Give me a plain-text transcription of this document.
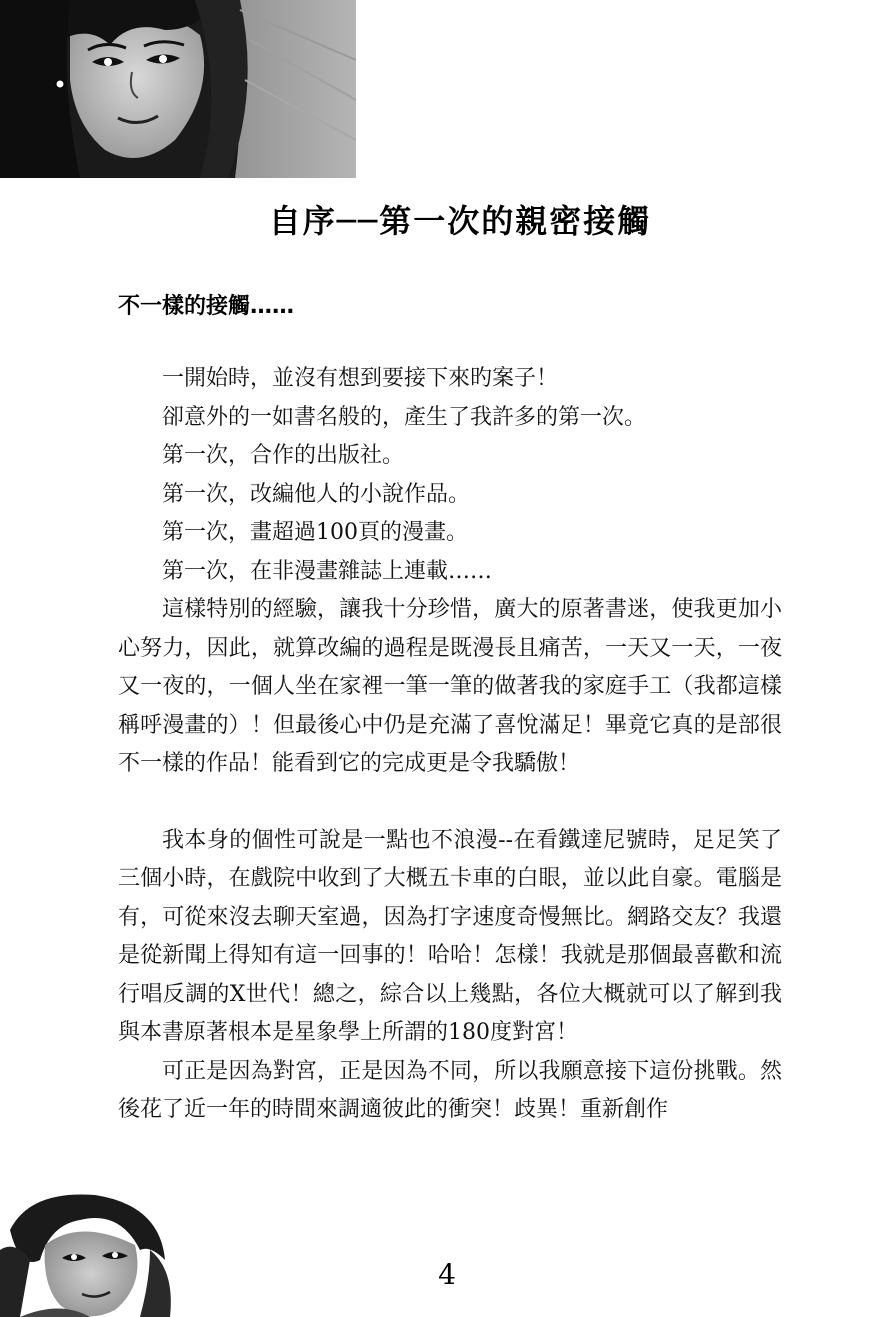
自序──第一次的親密接觸
不一樣的接觸……

一開始時，並沒有想到要接下來旳案子！

卻意外的一如書名般的，產生了我許多的第一次。

第一次，合作的出版社。

第一次，改編他人的小說作品。

第一次，畫超過100頁的漫畫。

第一次，在非漫畫雜誌上連載……

這樣特別的經驗，讓我十分珍惜，廣大的原著書迷，使我更加小心努力，因此，就算改編的過程是既漫長且痛苦，一天又一天，一夜又一夜的，一個人坐在家裡一筆一筆的做著我的家庭手工（我都這樣稱呼漫畫的）！但最後心中仍是充滿了喜悅滿足！畢竟它真的是部很不一樣的作品！能看到它的完成更是令我驕傲！

我本身的個性可說是一點也不浪漫--在看鐵達尼號時，足足笑了三個小時，在戲院中收到了大概五卡車的白眼，並以此自豪。電腦是有，可從來沒去聊天室過，因為打字速度奇慢無比。網路交友？我還是從新聞上得知有這一回事的！哈哈！怎樣！我就是那個最喜歡和流行唱反調的X世代！總之，綜合以上幾點，各位大概就可以了解到我與本書原著根本是星象學上所謂的180度對宮！

可正是因為對宮，正是因為不同，所以我願意接下這份挑戰。然後花了近一年的時間來調適彼此的衝突！歧異！重新創作

4
